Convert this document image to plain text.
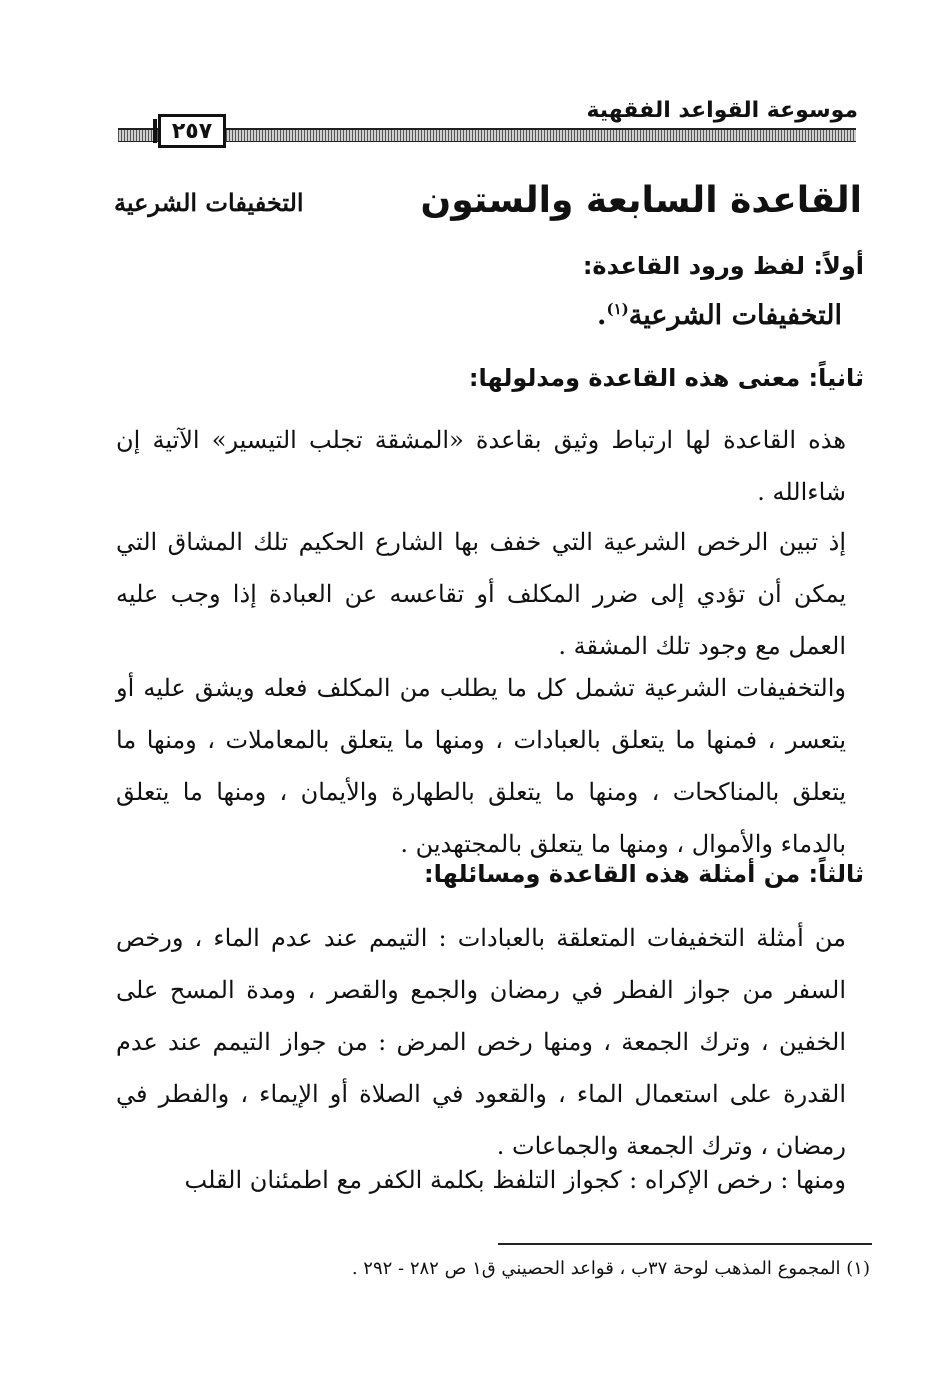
موسوعة القواعد الفقهية
٢٥٧
القاعدة السابعة والستون
التخفيفات الشرعية
أولاً: لفظ ورود القاعدة:
التخفيفات الشرعية$^{(١)}$.
ثانياً: معنى هذه القاعدة ومدلولها:
هذه القاعدة لها ارتباط وثيق بقاعدة «المشقة تجلب التيسير» الآتية إن شاءالله .
إذ تبين الرخص الشرعية التي خفف بها الشارع الحكيم تلك المشاق التي يمكن أن تؤدي إلى ضرر المكلف أو تقاعسه عن العبادة إذا وجب عليه العمل مع وجود تلك المشقة .
والتخفيفات الشرعية تشمل كل ما يطلب من المكلف فعله ويشق عليه أو يتعسر ، فمنها ما يتعلق بالعبادات ، ومنها ما يتعلق بالمعاملات ، ومنها ما يتعلق بالمناكحات ، ومنها ما يتعلق بالطهارة والأيمان ، ومنها ما يتعلق بالدماء والأموال ، ومنها ما يتعلق بالمجتهدين .
ثالثاً: من أمثلة هذه القاعدة ومسائلها:
من أمثلة التخفيفات المتعلقة بالعبادات : التيمم عند عدم الماء ، ورخص السفر من جواز الفطر في رمضان والجمع والقصر ، ومدة المسح على الخفين ، وترك الجمعة ، ومنها رخص المرض : من جواز التيمم عند عدم القدرة على استعمال الماء ، والقعود في الصلاة أو الإيماء ، والفطر في رمضان ، وترك الجمعة والجماعات .
ومنها : رخص الإكراه : كجواز التلفظ بكلمة الكفر مع اطمئنان القلب
(١) المجموع المذهب لوحة ٣٧ب ، قواعد الحصيني ق١ ص ٢٨٢ - ٢٩٢ .
